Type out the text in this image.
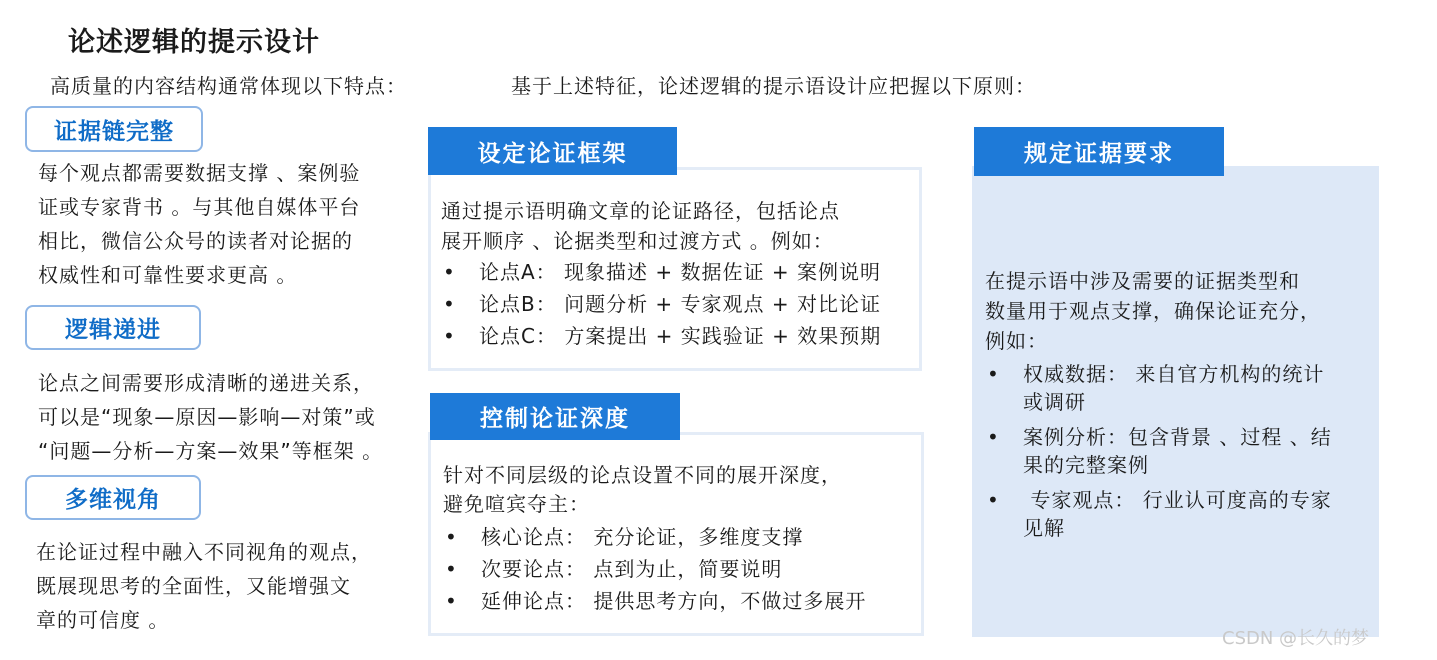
论述逻辑的提示设计
高质量的内容结构通常体现以下特点：	基于上述特征，论述逻辑的提示语设计应把握以下原则：
证据链完整

每个观点都需要数据支撑 、案例验

证或专家背书 。与其他自媒体平台

相比，微信公众号的读者对论据的

权威性和可靠性要求更高 。

逻辑递进

论点之间需要形成清晰的递进关系，

可以是“现象—原因—影响—对策”或

“问题—分析—方案—效果”等框架 。

多维视角

在论证过程中融入不同视角的观点，

既展现思考的全面性，又能增强文

章的可信度 。

设定论证框架

通过提示语明确文章的论证路径，包括论点

展开顺序 、论据类型和过渡方式 。例如：

• 论点A： 现象描述 + 数据佐证 + 案例说明
• 论点B： 问题分析 + 专家观点 + 对比论证
• 论点C： 方案提出 + 实践验证 + 效果预期
控制论证深度

针对不同层级的论点设置不同的展开深度，

避免喧宾夺主：

• 核心论点： 充分论证，多维度支撑
• 次要论点： 点到为止，简要说明
• 延伸论点： 提供思考方向，不做过多展开
规定证据要求

在提示语中涉及需要的证据类型和

数量用于观点支撑，确保论证充分，

例如：

• 权威数据： 来自官方机构的统计
或调研
• 案例分析：包含背景 、过程 、结
果的完整案例
• 专家观点： 行业认可度高的专家
见解
CSDN @长久的梦
